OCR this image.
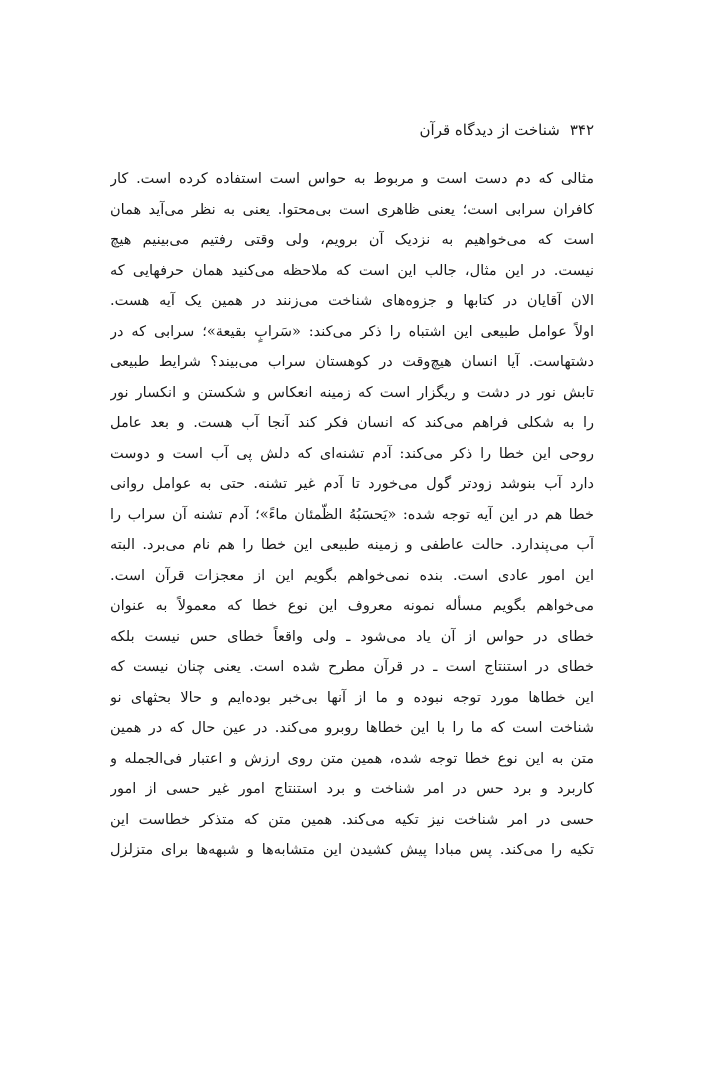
۳۴۲شناخت از دیدگاه قرآن
مثالی که دم دست است و مربوط به حواس است استفاده کرده است. کار
کافران سرابی است؛ یعنی ظاهری است بی‌محتوا. یعنی به نظر می‌آید همان
است که می‌خواهیم به نزدیک آن برویم، ولی وقتی رفتیم می‌بینیم هیچ
نیست. در این مثال، جالب این است که ملاحظه می‌کنید همان حرفهایی که
الان آقایان در کتابها و جزوه‌های شناخت می‌زنند در همین یک آیه هست.
اولاً عوامل طبیعی این اشتباه را ذکر می‌کند: «سَرابٍ بقیعة»؛ سرابی که در
دشتهاست. آیا انسان هیچ‌وقت در کوهستان سراب می‌بیند؟ شرایط طبیعی
تابش نور در دشت و ریگزار است که زمینه انعکاس و شکستن و انکسار نور
را به شکلی فراهم می‌کند که انسان فکر کند آنجا آب هست. و بعد عامل
روحی این خطا را ذکر می‌کند: آدم تشنه‌ای که دلش پی آب است و دوست
دارد آب بنوشد زودتر گول می‌خورد تا آدم غیر تشنه. حتی به عوامل روانی
خطا هم در این آیه توجه شده: «یَحسَبُهُ الظّمئان ماءً»؛ آدم تشنه آن سراب را
آب می‌پندارد. حالت عاطفی و زمینه طبیعی این خطا را هم نام می‌برد. البته
این امور عادی است. بنده نمی‌خواهم بگویم این از معجزات قرآن است.
می‌خواهم بگویم مسأله نمونه معروف این نوع خطا که معمولاً به عنوان
خطای در حواس از آن یاد می‌شود ـ ولی واقعاً خطای حس نیست بلکه
خطای در استنتاج است ـ در قرآن مطرح شده است. یعنی چنان نیست که
این خطاها مورد توجه نبوده و ما از آنها بی‌خبر بوده‌ایم و حالا بحثهای نو
شناخت است که ما را با این خطاها روبرو می‌کند. در عین حال که در همین
متن به این نوع خطا توجه شده، همین متن روی ارزش و اعتبار فی‌الجمله و
کاربرد و برد حس در امر شناخت و برد استنتاج امور غیر حسی از امور
حسی در امر شناخت نیز تکیه می‌کند. همین متن که متذکر خطاست این
تکیه را می‌کند. پس مبادا پیش کشیدن این متشابه‌ها و شبهه‌ها برای متزلزل
